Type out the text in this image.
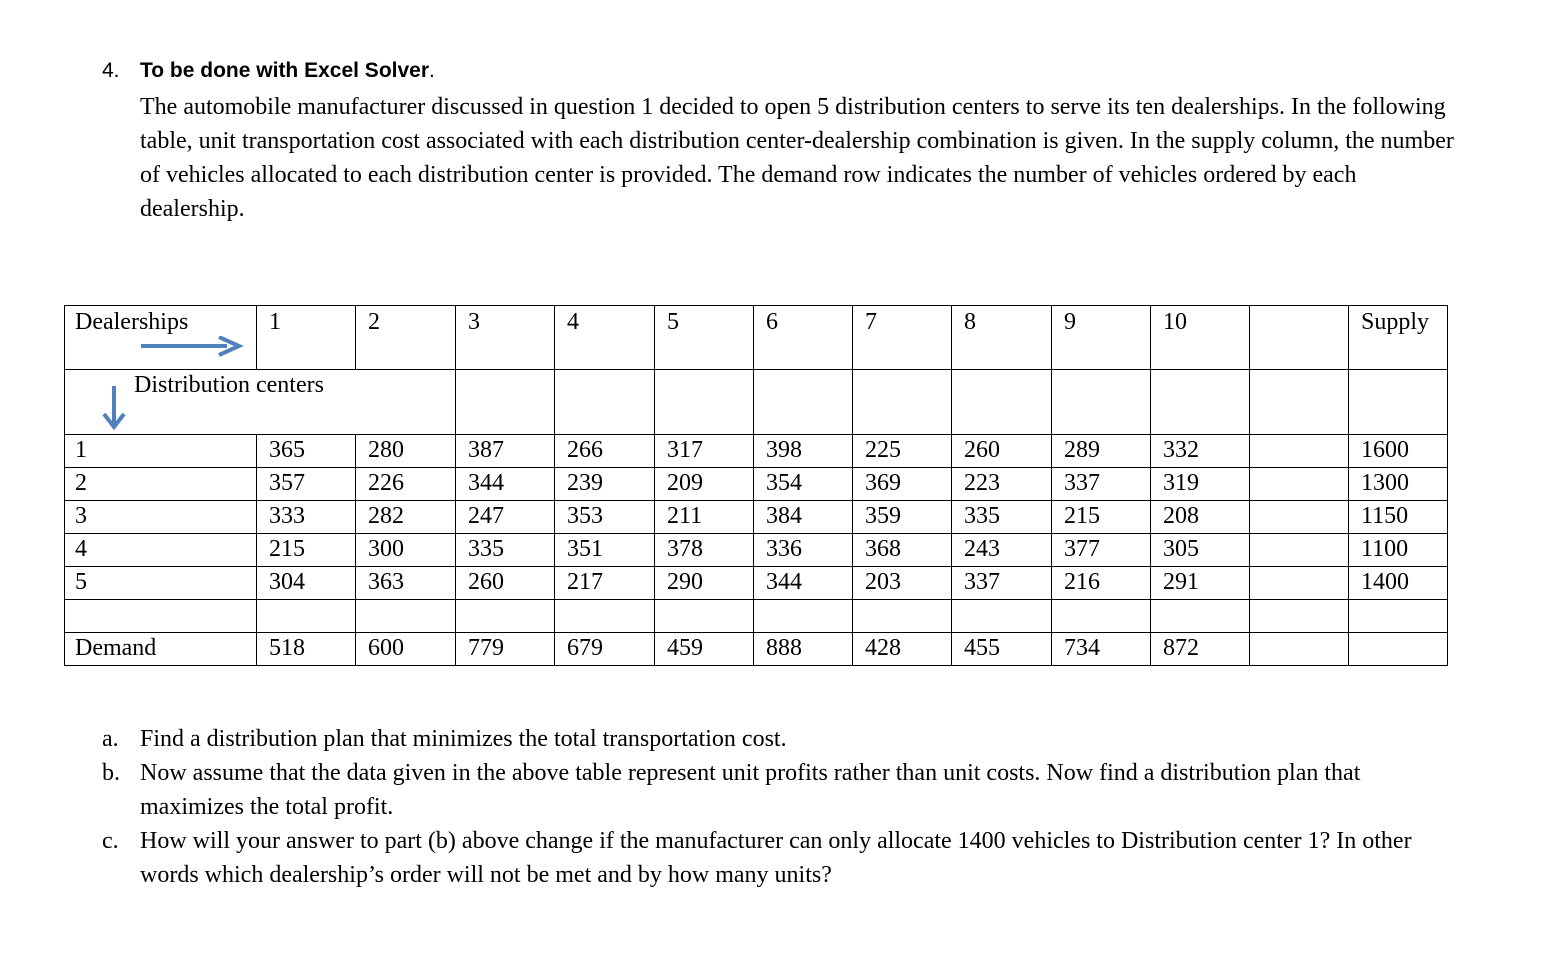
4. To be done with Excel Solver.

The automobile manufacturer discussed in question 1 decided to open 5 distribution centers to serve its ten dealerships. In the following table, unit transportation cost associated with each distribution center-dealership combination is given. In the supply column, the number of vehicles allocated to each distribution center is provided. The demand row indicates the number of vehicles ordered by each dealership.

Dealerships	1	2	3	4	5	6	7	8	9	10		Supply

Distribution centers												

1	365	280	387	266	317	398	225	260	289	332		1600
2	357	226	344	239	209	354	369	223	337	319		1300
3	333	282	247	353	211	384	359	335	215	208		1150
4	215	300	335	351	378	336	368	243	377	305		1100
5	304	363	260	217	290	344	203	337	216	291		1400

Demand	518	600	779	679	459	888	428	455	734	872		
a. Find a distribution plan that minimizes the total transportation cost.
b. Now assume that the data given in the above table represent unit profits rather than unit costs. Now find a distribution plan that maximizes the total profit.
c. How will your answer to part (b) above change if the manufacturer can only allocate 1400 vehicles to Distribution center 1? In other words which dealership’s order will not be met and by how many units?
